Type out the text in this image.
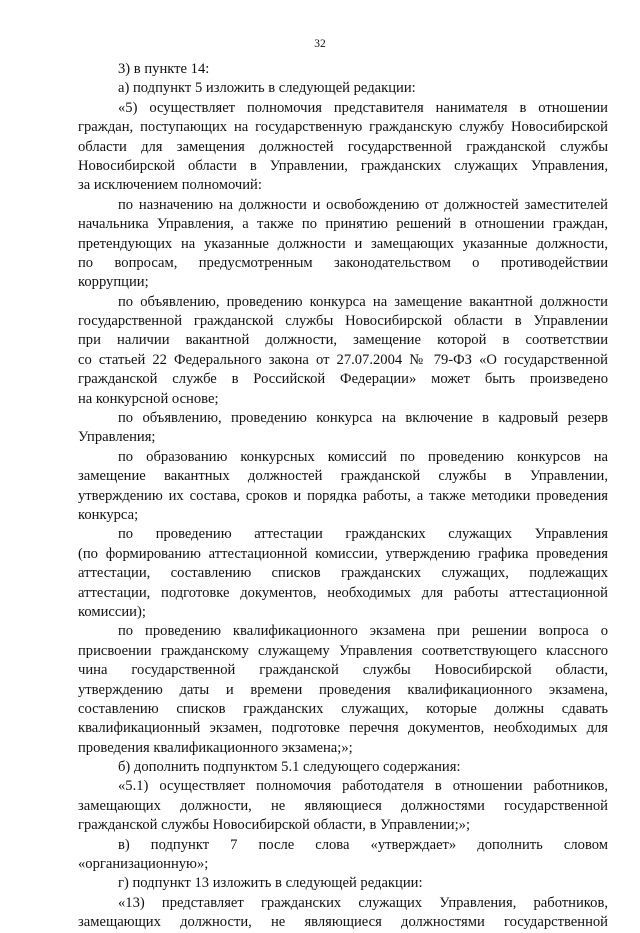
32
3) в пункте 14:
а) подпункт 5 изложить в следующей редакции:
«5) осуществляет полномочия представителя нанимателя в отношении
граждан, поступающих на государственную гражданскую службу Новосибирской
области для замещения должностей государственной гражданской службы
Новосибирской области в Управлении, гражданских служащих Управления,
за исключением полномочий:
по назначению на должности и освобождению от должностей заместителей
начальника Управления, а также по принятию решений в отношении граждан,
претендующих на указанные должности и замещающих указанные должности,
по вопросам, предусмотренным законодательством о противодействии
коррупции;
по объявлению, проведению конкурса на замещение вакантной должности
государственной гражданской службы Новосибирской области в Управлении
при наличии вакантной должности, замещение которой в соответствии
со статьей 22 Федерального закона от 27.07.2004 № 79-ФЗ «О государственной
гражданской службе в Российской Федерации» может быть произведено
на конкурсной основе;
по объявлению, проведению конкурса на включение в кадровый резерв
Управления;
по образованию конкурсных комиссий по проведению конкурсов на
замещение вакантных должностей гражданской службы в Управлении,
утверждению их состава, сроков и порядка работы, а также методики проведения
конкурса;
по проведению аттестации гражданских служащих Управления
(по формированию аттестационной комиссии, утверждению графика проведения
аттестации, составлению списков гражданских служащих, подлежащих
аттестации, подготовке документов, необходимых для работы аттестационной
комиссии);
по проведению квалификационного экзамена при решении вопроса о
присвоении гражданскому служащему Управления соответствующего классного
чина государственной гражданской службы Новосибирской области,
утверждению даты и времени проведения квалификационного экзамена,
составлению списков гражданских служащих, которые должны сдавать
квалификационный экзамен, подготовке перечня документов, необходимых для
проведения квалификационного экзамена;»;
б) дополнить подпунктом 5.1 следующего содержания:
«5.1) осуществляет полномочия работодателя в отношении работников,
замещающих должности, не являющиеся должностями государственной
гражданской службы Новосибирской области, в Управлении;»;
в) подпункт 7 после слова «утверждает» дополнить словом
«организационную»;
г) подпункт 13 изложить в следующей редакции:
«13) представляет гражданских служащих Управления, работников,
замещающих должности, не являющиеся должностями государственной
